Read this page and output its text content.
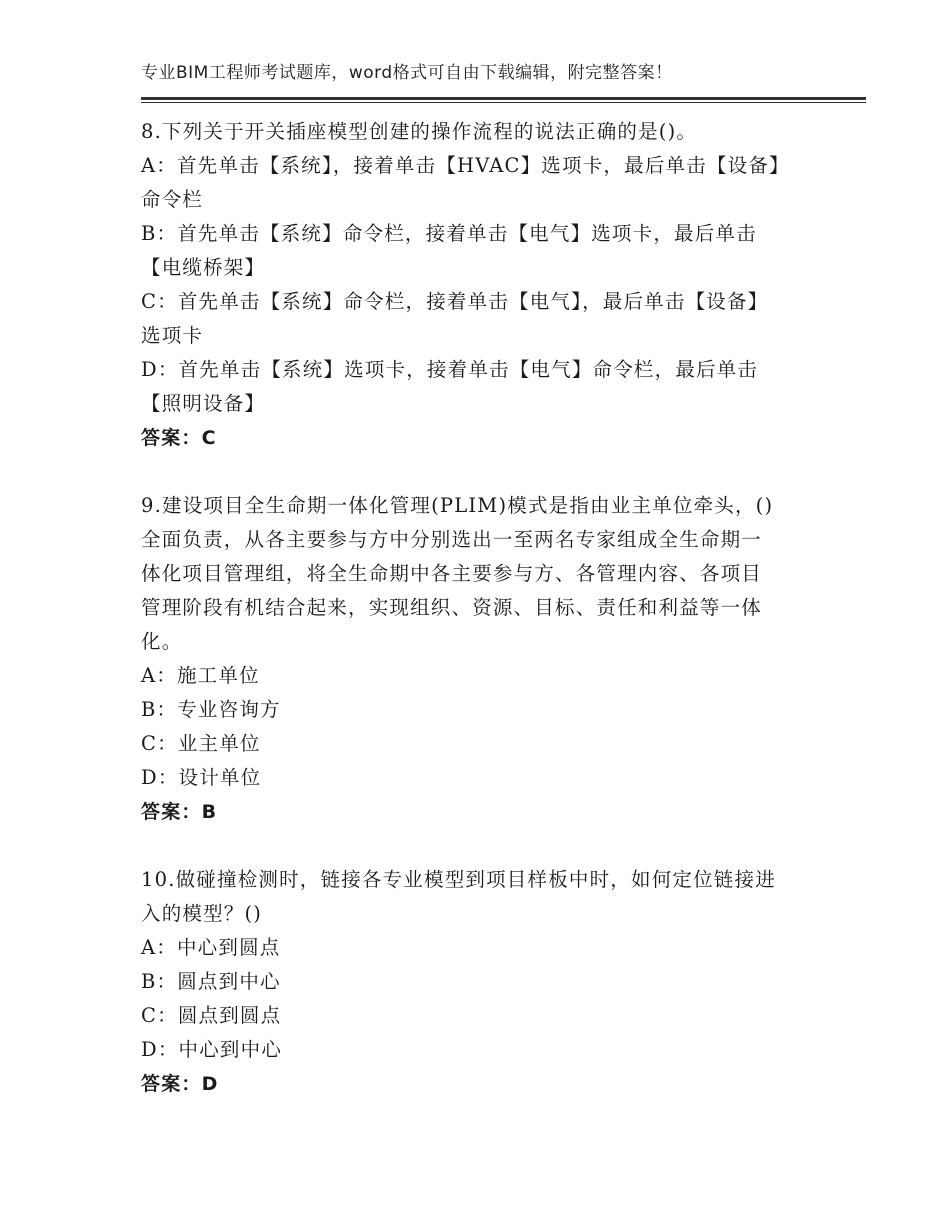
专业BIM工程师考试题库，word格式可自由下载编辑，附完整答案！
8.下列关于开关插座模型创建的操作流程的说法正确的是()。
A：首先单击【系统】，接着单击【HVAC】选项卡，最后单击【设备】
命令栏
B：首先单击【系统】命令栏，接着单击【电气】选项卡，最后单击
【电缆桥架】
C：首先单击【系统】命令栏，接着单击【电气】，最后单击【设备】
选项卡
D：首先单击【系统】选项卡，接着单击【电气】命令栏，最后单击
【照明设备】
答案：C
9.建设项目全生命期一体化管理(PLIM)模式是指由业主单位牵头，()
全面负责，从各主要参与方中分别选出一至两名专家组成全生命期一
体化项目管理组，将全生命期中各主要参与方、各管理内容、各项目
管理阶段有机结合起来，实现组织、资源、目标、责任和利益等一体
化。
A：施工单位
B：专业咨询方
C：业主单位
D：设计单位
答案：B
10.做碰撞检测时，链接各专业模型到项目样板中时，如何定位链接进
入的模型？()
A：中心到圆点
B：圆点到中心
C：圆点到圆点
D：中心到中心
答案：D
